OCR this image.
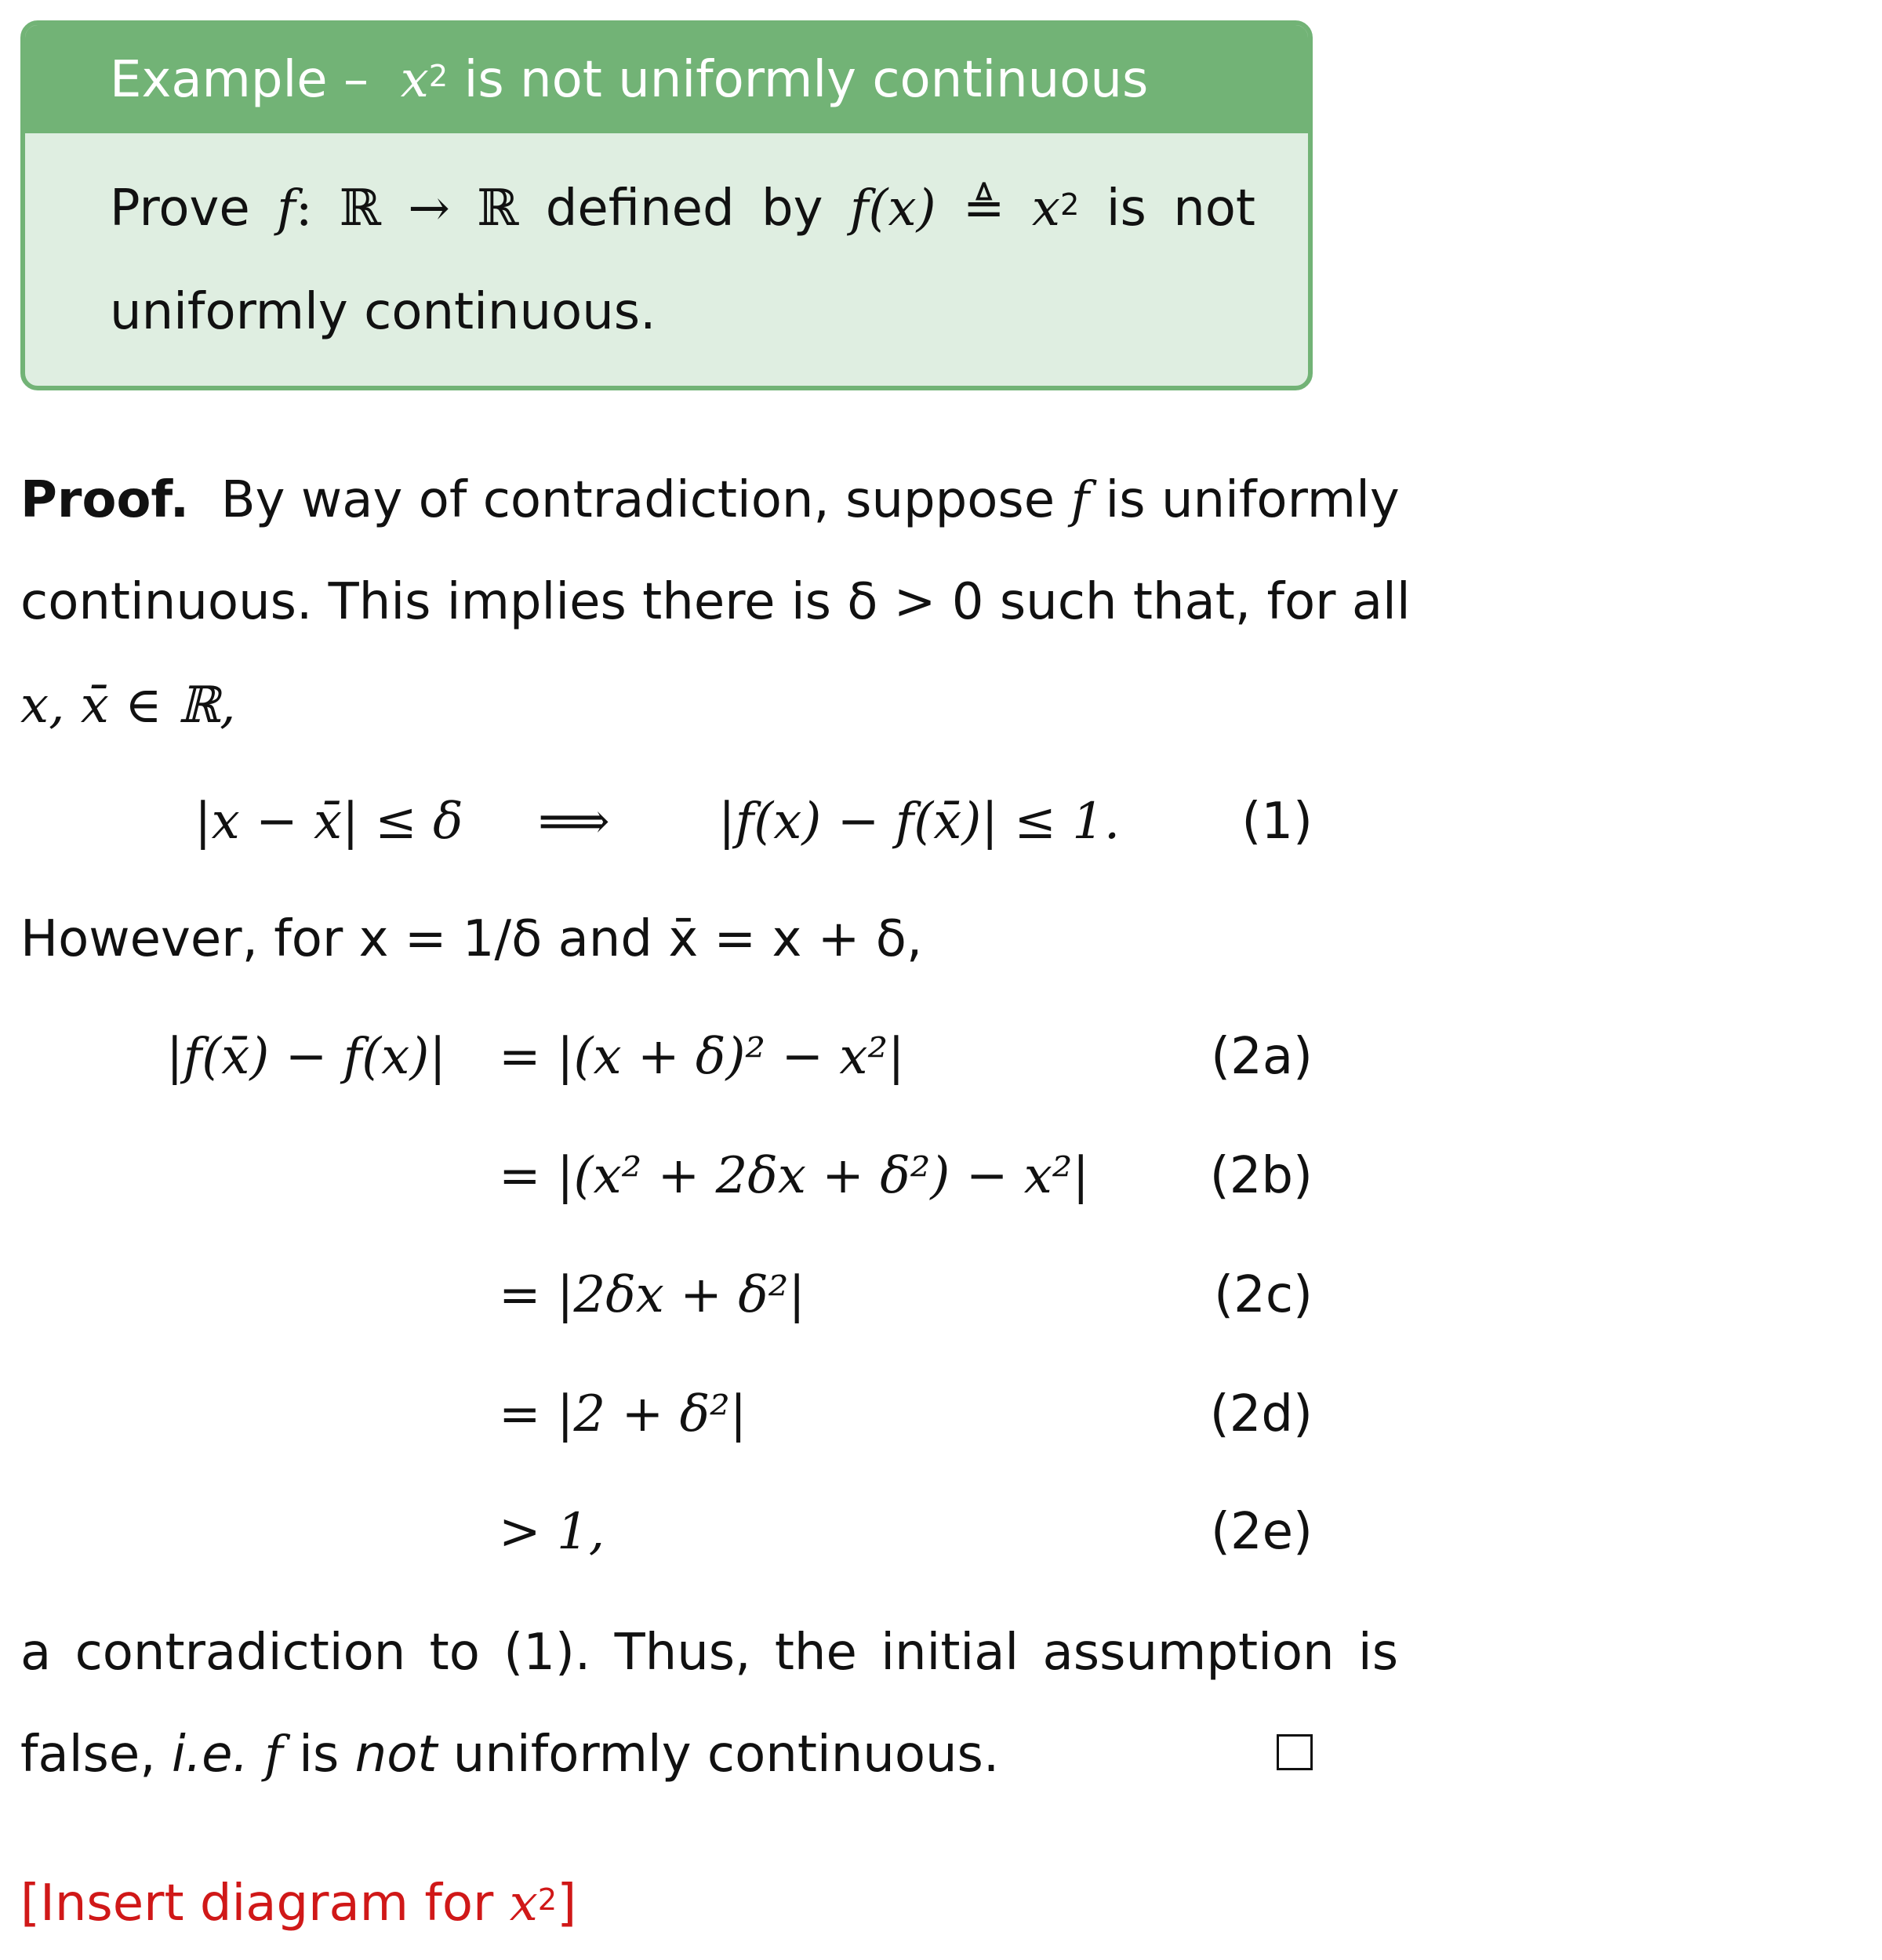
Example – $x^2$ is not uniformly continuous
Prove f: ℝ → ℝ defined by f(x) ≜ $x^2$ is not
uniformly continuous.
Proof. By way of contradiction, suppose f is uniformly
continuous. This implies there is δ > 0 such that, for all
x, x̄ ∈ ℝ,
|x − x̄| ≤ δ ⟹ |f(x) − f(x̄)| ≤ 1. (1)
However, for x = 1/δ and x̄ = x + δ,
|f(x̄) − f(x)| = |(x + δ)² − x²|	(2a)
= |(x² + 2δx + δ²) − x²| (2b)
= |2δx + δ²|	(2c)
= |2 + δ²|	(2d)
> 1,	(2e)
a contradiction to (1). Thus, the initial assumption is
false, i.e. f is not uniformly continuous.
[Insert diagram for $x^2$]
